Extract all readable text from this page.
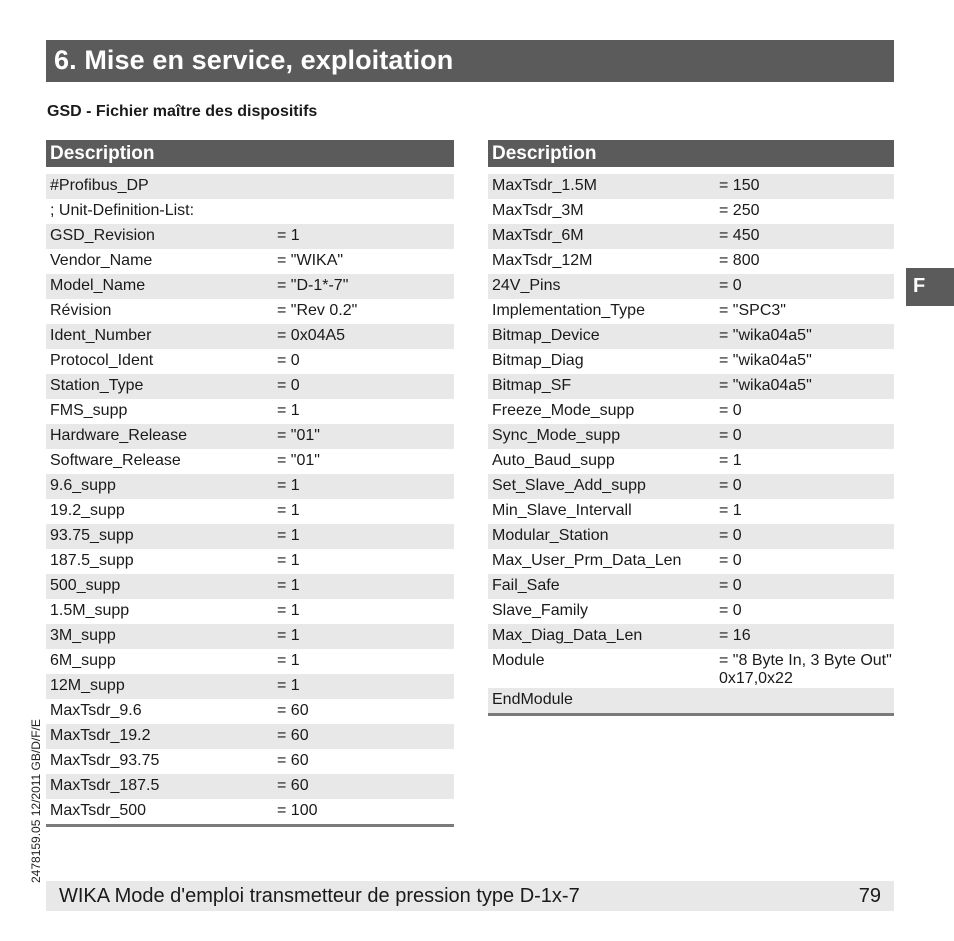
6. Mise en service, exploitation
GSD - Fichier maître des dispositifs
Description
#Profibus_DP
; Unit-Definition-List:
GSD_Revision	= 1
Vendor_Name	= "WIKA"
Model_Name	= "D-1*-7"
Révision	= "Rev 0.2"
Ident_Number	= 0x04A5
Protocol_Ident	= 0
Station_Type	= 0
FMS_supp	= 1
Hardware_Release	= "01"
Software_Release	= "01"
9.6_supp	= 1
19.2_supp	= 1
93.75_supp	= 1
187.5_supp	= 1
500_supp	= 1
1.5M_supp	= 1
3M_supp	= 1
6M_supp	= 1
12M_supp	= 1
MaxTsdr_9.6	= 60
MaxTsdr_19.2	= 60
MaxTsdr_93.75	= 60
MaxTsdr_187.5	= 60
MaxTsdr_500	= 100
Description
MaxTsdr_1.5M	= 150
MaxTsdr_3M	= 250
MaxTsdr_6M	= 450
MaxTsdr_12M	= 800
24V_Pins	= 0
Implementation_Type	= "SPC3"
Bitmap_Device	= "wika04a5"
Bitmap_Diag	= "wika04a5"
Bitmap_SF	= "wika04a5"
Freeze_Mode_supp	= 0
Sync_Mode_supp	= 0
Auto_Baud_supp	= 1
Set_Slave_Add_supp	= 0
Min_Slave_Intervall	= 1
Modular_Station	= 0
Max_User_Prm_Data_Len	= 0
Fail_Safe	= 0
Slave_Family	= 0
Max_Diag_Data_Len	= 16
Module	= "8 Byte In, 3 Byte Out" 0x17,0x22
EndModule
F
2478159.05 12/2011 GB/D/F/E
WIKA Mode d'emploi transmetteur de pression type D-1x-7	79
